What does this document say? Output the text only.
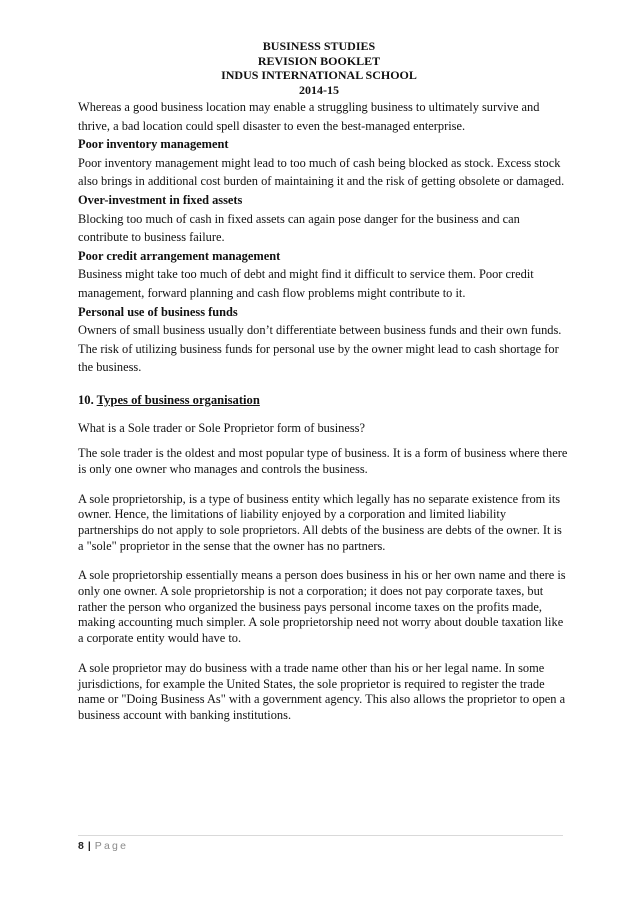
BUSINESS STUDIES
REVISION BOOKLET
INDUS INTERNATIONAL SCHOOL
2014-15

Whereas a good business location may enable a struggling business to ultimately survive and thrive, a bad location could spell disaster to even the best-managed enterprise.

Poor inventory management

Poor inventory management might lead to too much of cash being blocked as stock. Excess stock also brings in additional cost burden of maintaining it and the risk of getting obsolete or damaged.

Over-investment in fixed assets

Blocking too much of cash in fixed assets can again pose danger for the business and can contribute to business failure.

Poor credit arrangement management

Business might take too much of debt and might find it difficult to service them. Poor credit management, forward planning and cash flow problems might contribute to it.

Personal use of business funds

Owners of small business usually don’t differentiate between business funds and their own funds. The risk of utilizing business funds for personal use by the owner might lead to cash shortage for the business.

10. Types of business organisation

What is a Sole trader or Sole Proprietor form of business?

The sole trader is the oldest and most popular type of business. It is a form of business where there is only one owner who manages and controls the business.

A sole proprietorship, is a type of business entity which legally has no separate existence from its owner. Hence, the limitations of liability enjoyed by a corporation and limited liability partnerships do not apply to sole proprietors. All debts of the business are debts of the owner. It is a "sole" proprietor in the sense that the owner has no partners.

A sole proprietorship essentially means a person does business in his or her own name and there is only one owner. A sole proprietorship is not a corporation; it does not pay corporate taxes, but rather the person who organized the business pays personal income taxes on the profits made, making accounting much simpler. A sole proprietorship need not worry about double taxation like a corporate entity would have to.

A sole proprietor may do business with a trade name other than his or her legal name. In some jurisdictions, for example the United States, the sole proprietor is required to register the trade name or "Doing Business As" with a government agency. This also allows the proprietor to open a business account with banking institutions.

8 | Page
